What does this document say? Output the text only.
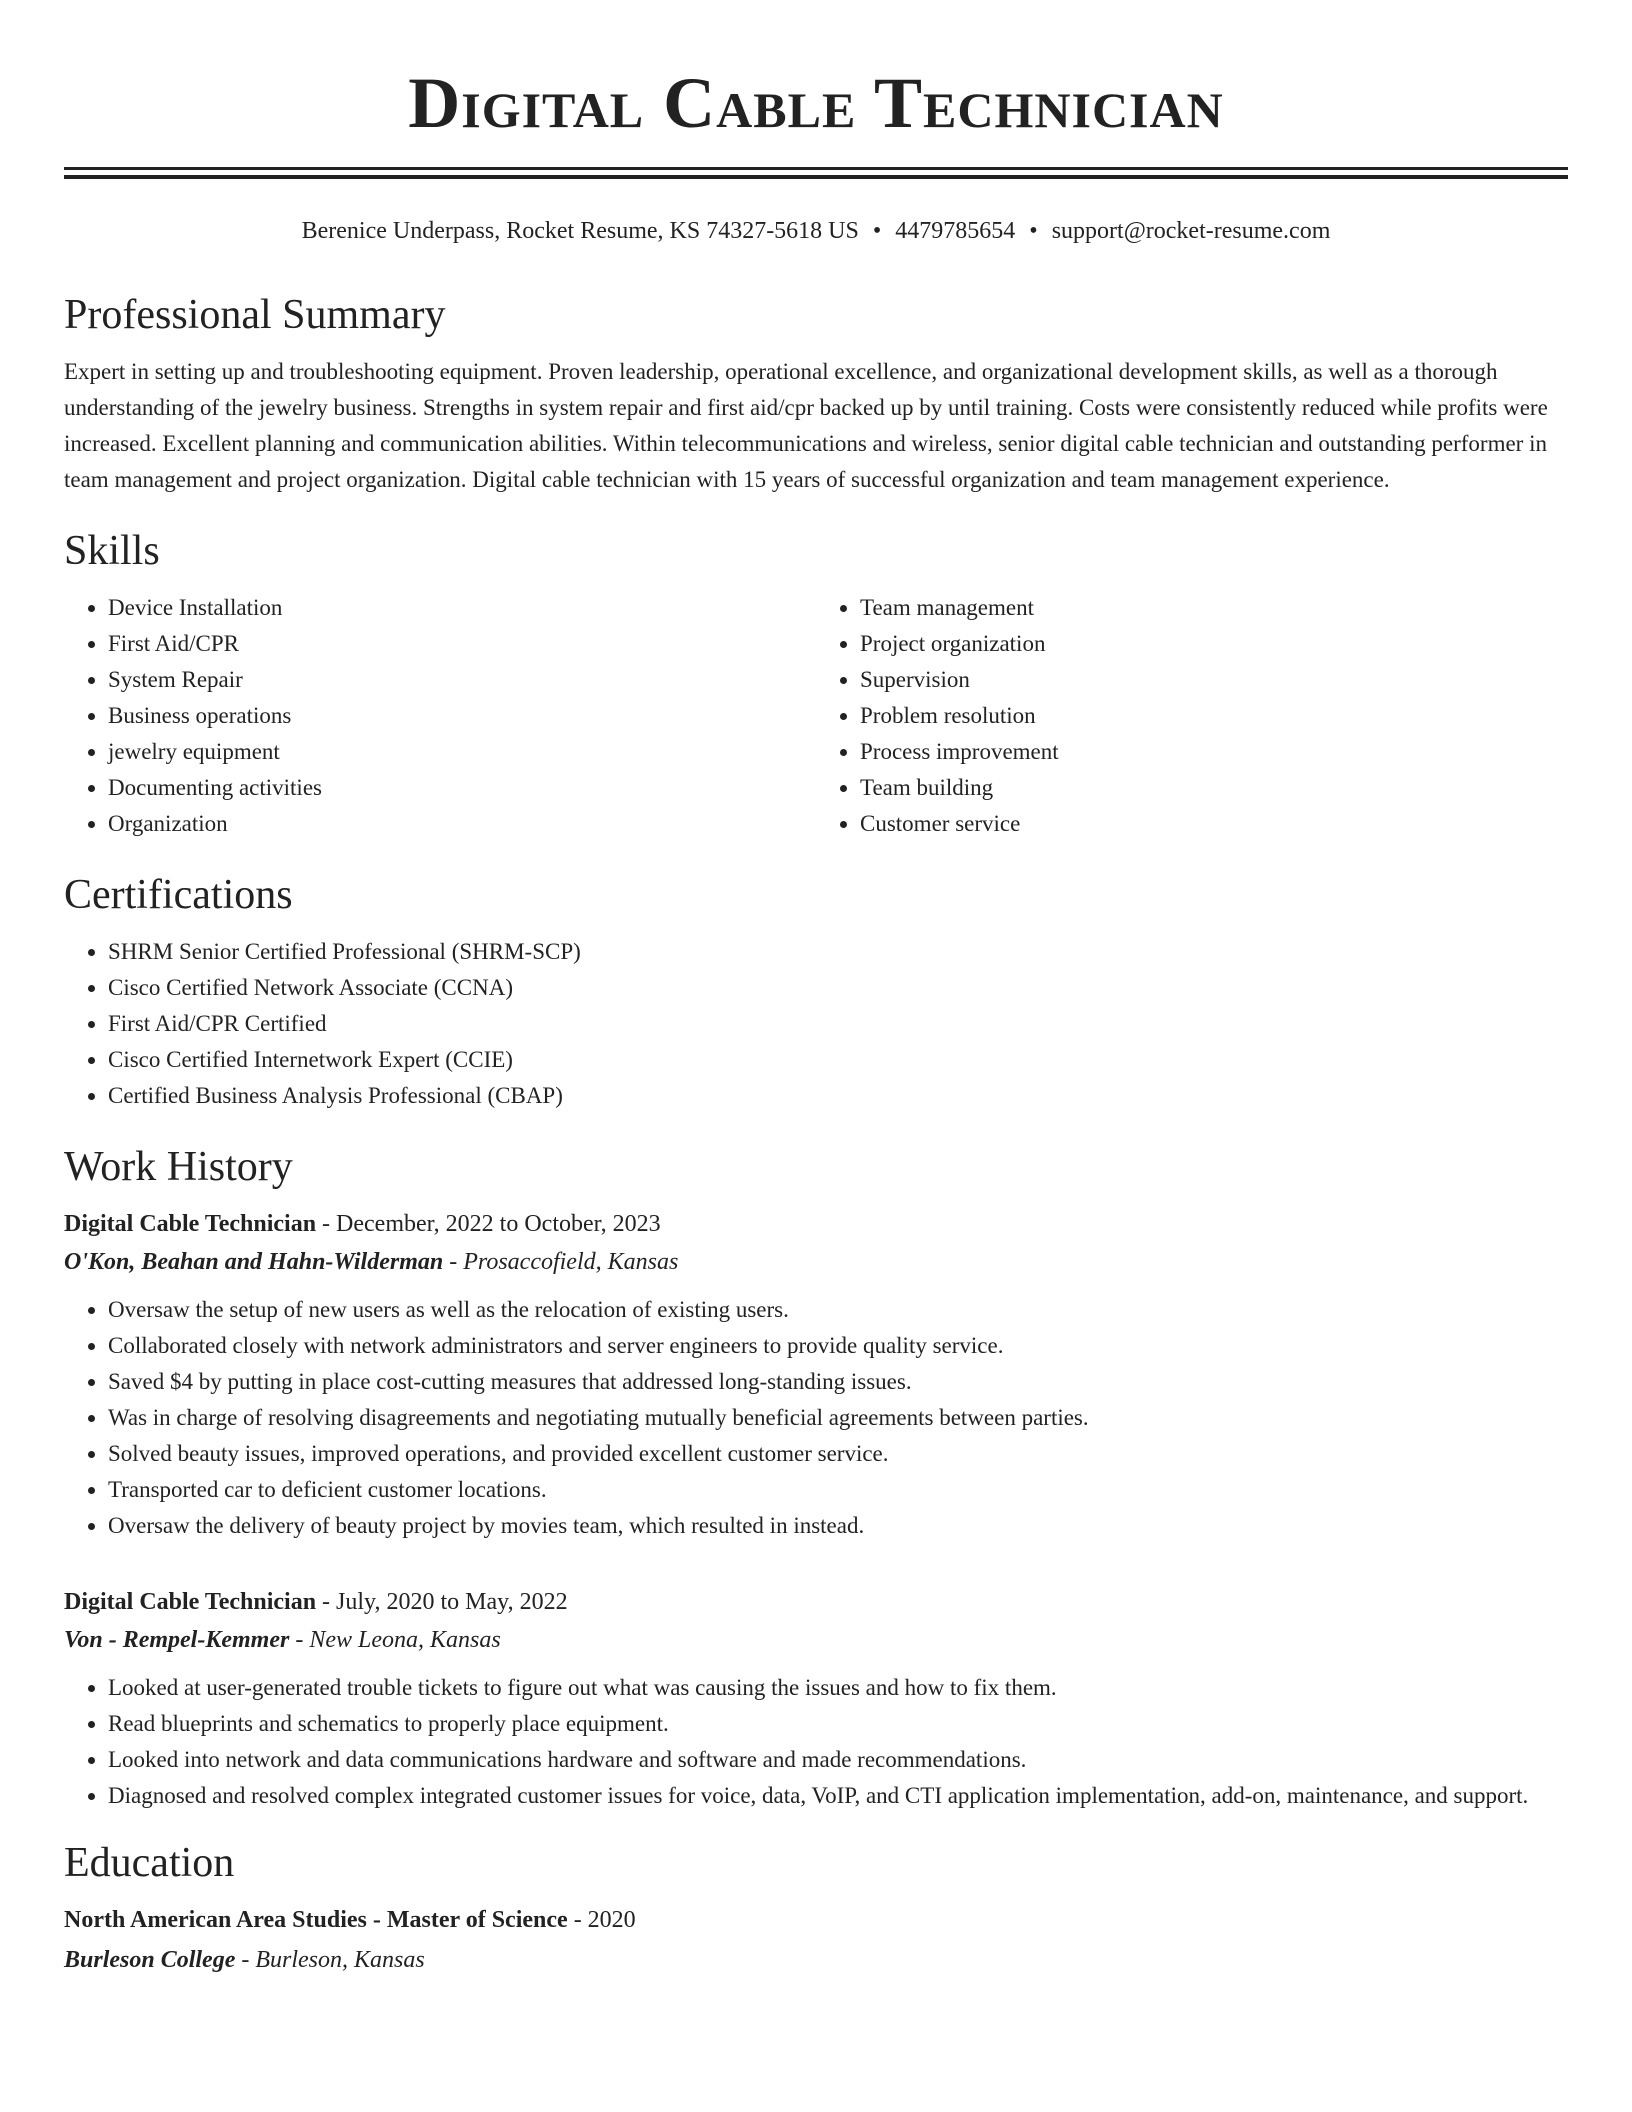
Digital Cable Technician

Berenice Underpass, Rocket Resume, KS 74327-5618 US • 4479785654 • support@rocket-resume.com

Professional Summary

Expert in setting up and troubleshooting equipment. Proven leadership, operational excellence, and organizational development skills, as well as a thorough understanding of the jewelry business. Strengths in system repair and first aid/cpr backed up by until training. Costs were consistently reduced while profits were increased. Excellent planning and communication abilities. Within telecommunications and wireless, senior digital cable technician and outstanding performer in team management and project organization. Digital cable technician with 15 years of successful organization and team management experience.

Skills
• Device Installation
• First Aid/CPR
• System Repair
• Business operations
• jewelry equipment
• Documenting activities
• Organization
• Team management
• Project organization
• Supervision
• Problem resolution
• Process improvement
• Team building
• Customer service
Certifications
• SHRM Senior Certified Professional (SHRM-SCP)
• Cisco Certified Network Associate (CCNA)
• First Aid/CPR Certified
• Cisco Certified Internetwork Expert (CCIE)
• Certified Business Analysis Professional (CBAP)
Work History

Digital Cable Technician - December, 2022 to October, 2023

O'Kon, Beahan and Hahn-Wilderman - Prosaccofield, Kansas

• Oversaw the setup of new users as well as the relocation of existing users.
• Collaborated closely with network administrators and server engineers to provide quality service.
• Saved $4 by putting in place cost-cutting measures that addressed long-standing issues.
• Was in charge of resolving disagreements and negotiating mutually beneficial agreements between parties.
• Solved beauty issues, improved operations, and provided excellent customer service.
• Transported car to deficient customer locations.
• Oversaw the delivery of beauty project by movies team, which resulted in instead.

Digital Cable Technician - July, 2020 to May, 2022

Von - Rempel-Kemmer - New Leona, Kansas

• Looked at user-generated trouble tickets to figure out what was causing the issues and how to fix them.
• Read blueprints and schematics to properly place equipment.
• Looked into network and data communications hardware and software and made recommendations.
• Diagnosed and resolved complex integrated customer issues for voice, data, VoIP, and CTI application implementation, add-on, maintenance, and support.
Education

North American Area Studies - Master of Science - 2020

Burleson College - Burleson, Kansas
